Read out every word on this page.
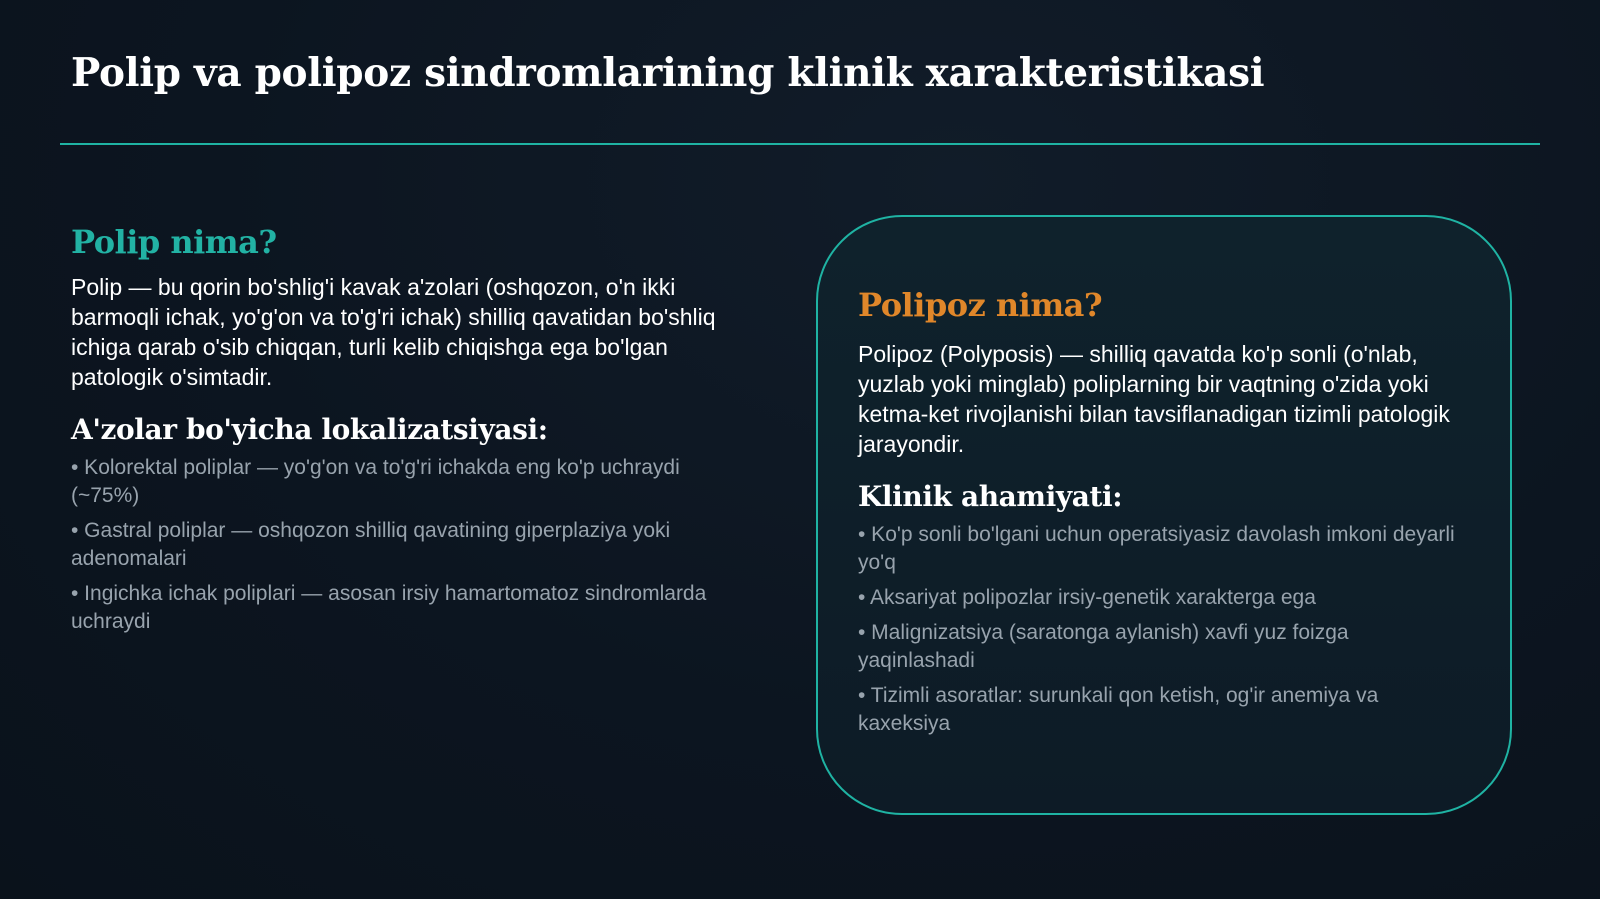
Polip va polipoz sindromlarining klinik xarakteristikasi
Polip nima?

Polip — bu qorin bo'shlig'i kavak a'zolari (oshqozon, o'n ikki barmoqli ichak, yo'g'on va to'g'ri ichak) shilliq qavatidan bo'shliq ichiga qarab o'sib chiqqan, turli kelib chiqishga ega bo'lgan patologik o'simtadir.

A'zolar bo'yicha lokalizatsiyasi:
• Kolorektal poliplar — yo'g'on va to'g'ri ichakda eng ko'p uchraydi (~75%)
• Gastral poliplar — oshqozon shilliq qavatining giperplaziya yoki adenomalari
• Ingichka ichak poliplari — asosan irsiy hamartomatoz sindromlarda uchraydi
Polipoz nima?

Polipoz (Polyposis) — shilliq qavatda ko'p sonli (o'nlab, yuzlab yoki minglab) poliplarning bir vaqtning o'zida yoki ketma-ket rivojlanishi bilan tavsiflanadigan tizimli patologik jarayondir.

Klinik ahamiyati:
• Ko'p sonli bo'lgani uchun operatsiyasiz davolash imkoni deyarli yo'q
• Aksariyat polipozlar irsiy-genetik xarakterga ega
• Malignizatsiya (saratonga aylanish) xavfi yuz foizga yaqinlashadi
• Tizimli asoratlar: surunkali qon ketish, og'ir anemiya va kaxeksiya
